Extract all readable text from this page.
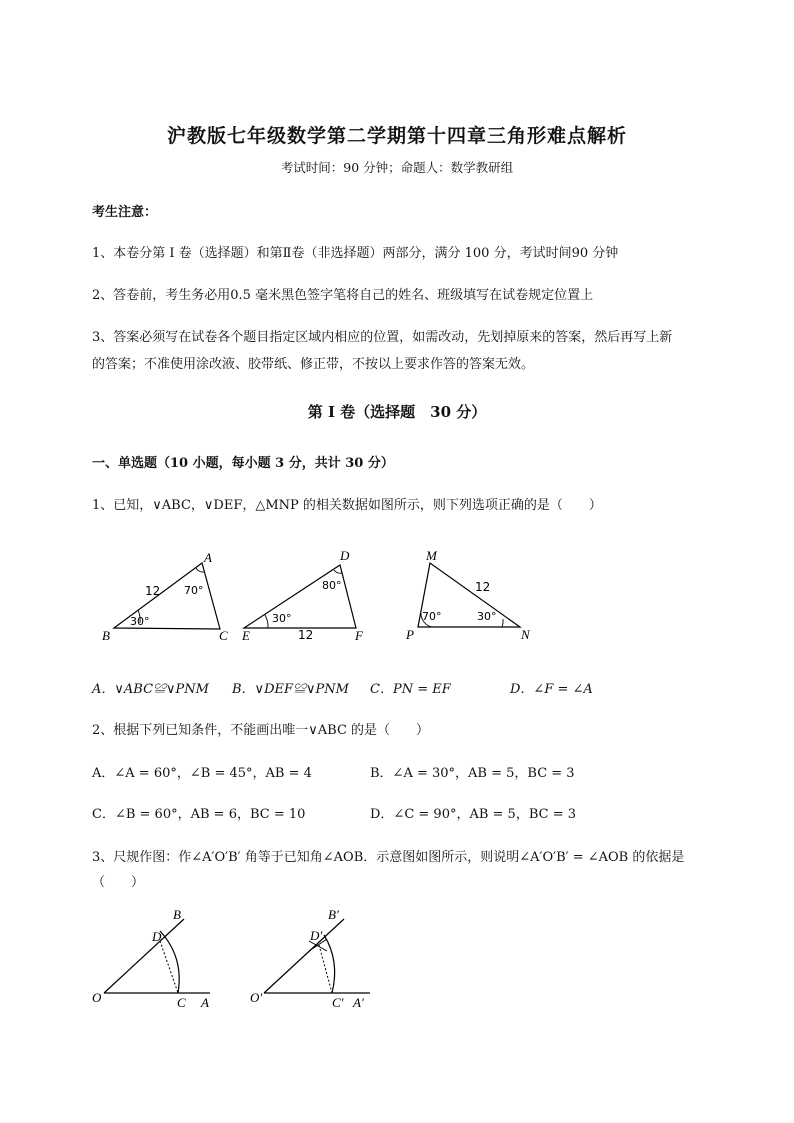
沪教版七年级数学第二学期第十四章三角形难点解析
考试时间：90 分钟；命题人：数学教研组
考生注意：
1、本卷分第 I 卷（选择题）和第Ⅱ卷（非选择题）两部分，满分 100 分，考试时间90 分钟
2、答卷前，考生务必用0.5 毫米黑色签字笔将自己的姓名、班级填写在试卷规定位置上
3、答案必须写在试卷各个题目指定区域内相应的位置，如需改动，先划掉原来的答案，然后再写上新
的答案；不准使用涂改液、胶带纸、修正带，不按以上要求作答的答案无效。
第 I 卷（选择题　30 分）
一、单选题（10 小题，每小题 3 分，共计 30 分）
1、已知，∨ABC，∨DEF，△MNP 的相关数据如图所示，则下列选项正确的是（　　）
A
B	C
12 70°
30°
D
E	F
12
80°
30°
M
P	N
12
70°	30°
A．∨ABC≌∨PNM B．∨DEF≌∨PNM C．PN = EF	D．∠F = ∠A
2、根据下列已知条件，不能画出唯一∨ABC 的是（　　）
A．∠A = 60°，∠B = 45°，AB = 4	B．∠A = 30°，AB = 5，BC = 3
C．∠B = 60°，AB = 6，BC = 10	D．∠C = 90°，AB = 5，BC = 3
3、尺规作图：作∠A′O′B′ 角等于已知角∠AOB．示意图如图所示，则说明∠A′O′B′ = ∠AOB 的依据是
（　　）
O	A
B
C
D
O′	A′
B′
C′
D′
